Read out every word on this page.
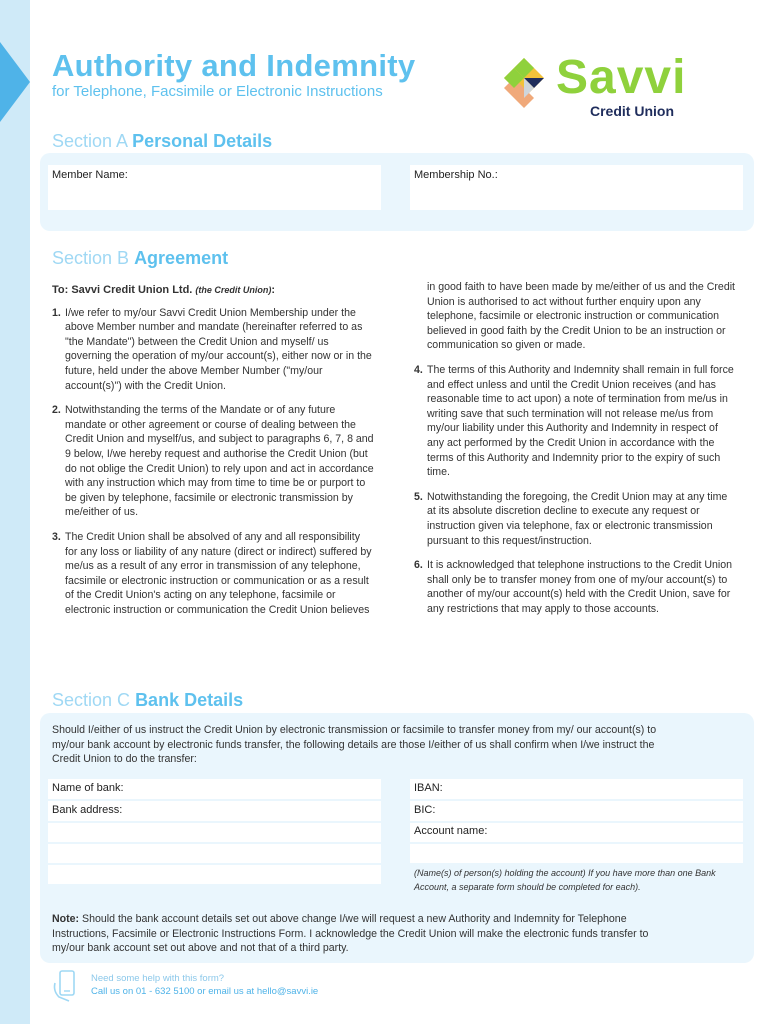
Authority and Indemnity
for Telephone, Facsimile or Electronic Instructions	Savvi
Credit Union
Section A Personal Details
Member Name:	Membership No.:
Section B Agreement
To: Savvi Credit Union Ltd. (the Credit Union):
1. I/we refer to my/our Savvi Credit Union Membership under the above Member number and mandate (hereinafter referred to as "the Mandate") between the Credit Union and myself/ us governing the operation of my/our account(s), either now or in the future, held under the above Member Number ("my/our account(s)") with the Credit Union.
2. Notwithstanding the terms of the Mandate or of any future mandate or other agreement or course of dealing between the Credit Union and myself/us, and subject to paragraphs 6, 7, 8 and 9 below, I/we hereby request and authorise the Credit Union (but do not oblige the Credit Union) to rely upon and act in accordance with any instruction which may from time to time be or purport to be given by telephone, facsimile or electronic transmission by me/either of us.
3. The Credit Union shall be absolved of any and all responsibility for any loss or liability of any nature (direct or indirect) suffered by me/us as a result of any error in transmission of any telephone, facsimile or electronic instruction or communication or as a result of the Credit Union's acting on any telephone, facsimile or electronic instruction or communication the Credit Union believes
in good faith to have been made by me/either of us and the Credit Union is authorised to act without further enquiry upon any telephone, facsimile or electronic instruction or communication believed in good faith by the Credit Union to be an instruction or communication so given or made.
4. The terms of this Authority and Indemnity shall remain in full force and effect unless and until the Credit Union receives (and has reasonable time to act upon) a note of termination from me/us in writing save that such termination will not release me/us from my/our liability under this Authority and Indemnity in respect of any act performed by the Credit Union in accordance with the terms of this Authority and Indemnity prior to the expiry of such time.
5. Notwithstanding the foregoing, the Credit Union may at any time at its absolute discretion decline to execute any request or instruction given via telephone, fax or electronic transmission pursuant to this request/instruction.
6. It is acknowledged that telephone instructions to the Credit Union shall only be to transfer money from one of my/our account(s) to another of my/our account(s) held with the Credit Union, save for any restrictions that may apply to those accounts.
Section C Bank Details
Should I/either of us instruct the Credit Union by electronic transmission or facsimile to transfer money from my/ our account(s) to my/our bank account by electronic funds transfer, the following details are those I/either of us shall confirm when I/we instruct the Credit Union to do the transfer:
Name of bank:
Bank address:
IBAN:
BIC:
Account name:
(Name(s) of person(s) holding the account) If you have more than one Bank Account, a separate form should be completed for each).
Note: Should the bank account details set out above change I/we will request a new Authority and Indemnity for Telephone Instructions, Facsimile or Electronic Instructions Form. I acknowledge the Credit Union will make the electronic funds transfer to my/our bank account set out above and not that of a third party.
Need some help with this form?
Call us on 01 - 632 5100 or email us at hello@savvi.ie
